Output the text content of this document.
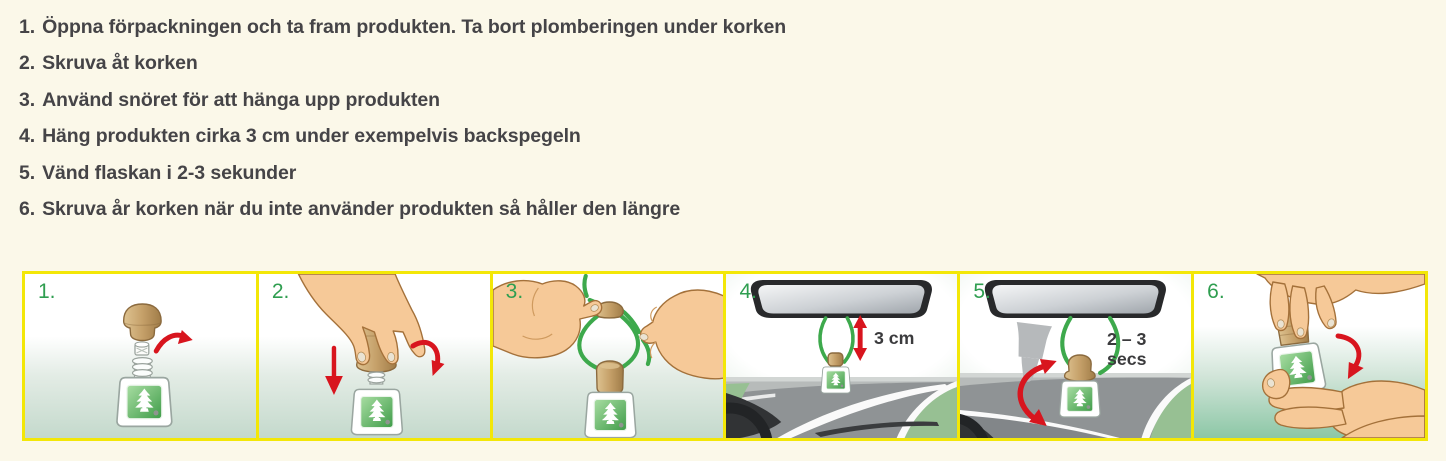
1. Öppna förpackningen och ta fram produkten. Ta bort plomberingen under korken
2. Skruva åt korken
3. Använd snöret för att hänga upp produkten
4. Häng produkten cirka 3 cm under exempelvis backspegeln
5. Vänd flaskan i 2-3 sekunder
6. Skruva år korken när du inte använder produkten så håller den längre
1.	2.	3.	4.
3 cm
5.
2 – 3
secs
6.
